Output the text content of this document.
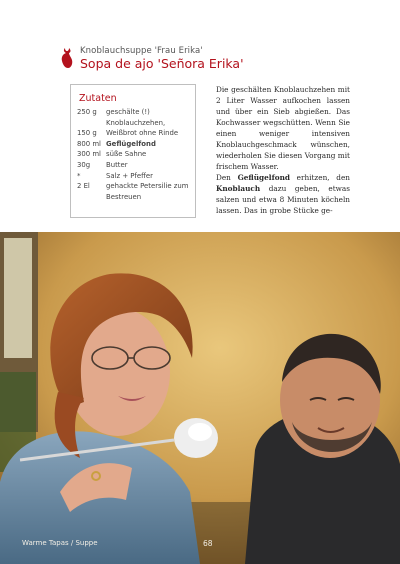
Knoblauchsuppe 'Frau Erika'
Sopa de ajo 'Señora Erika'
Zutaten
250 g	geschälte (!) Knoblauchzehen,
150 g	Weißbrot ohne Rinde
800 ml Geflügelfond
300 ml süße Sahne
30g	Butter
*	Salz + Pfeffer
2 El	gehackte Petersilie zum Bestreuen

Die geschälten Knoblauchzehen mit 2 Liter Wasser aufkochen lassen und über ein Sieb abgießen. Das Kochwasser wegschütten. Wenn Sie einen weniger intensiven Knoblauchgeschmack wünschen, wiederholen Sie diesen Vorgang mit frischem Wasser.

Den Geflügelfond erhitzen, den Knoblauch dazu geben, etwas salzen und etwa 8 Minuten köcheln lassen. Das in grobe Stücke ge-

Warme Tapas / Suppe	68
